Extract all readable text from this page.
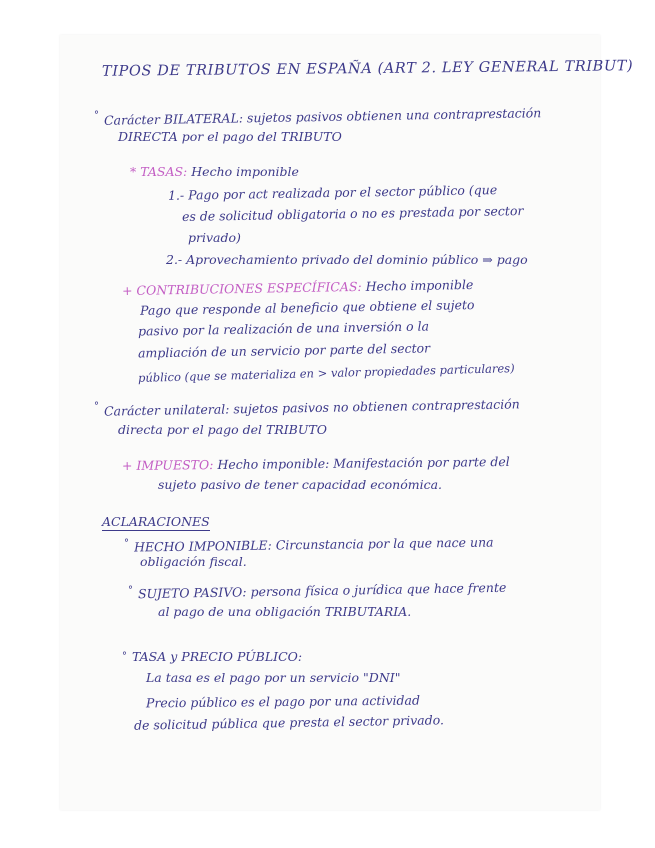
TIPOS DE TRIBUTOS EN ESPAÑA (ART 2. LEY GENERAL TRIBUT)
° Carácter BILATERAL: sujetos pasivos obtienen una contraprestación
DIRECTA por el pago del TRIBUTO
* TASAS: Hecho imponible
1.- Pago por act realizada por el sector público (que
es de solicitud obligatoria o no es prestada por sector
privado)
2.- Aprovechamiento privado del dominio público ⇒ pago
+ CONTRIBUCIONES ESPECÍFICAS: Hecho imponible
Pago que responde al beneficio que obtiene el sujeto
pasivo por la realización de una inversión o la
ampliación de un servicio por parte del sector
público (que se materializa en > valor propiedades particulares)
° Carácter unilateral: sujetos pasivos no obtienen contraprestación
directa por el pago del TRIBUTO
+ IMPUESTO: Hecho imponible: Manifestación por parte del
sujeto pasivo de tener capacidad económica.
ACLARACIONES
° HECHO IMPONIBLE: Circunstancia por la que nace una
obligación fiscal.
° SUJETO PASIVO: persona física o jurídica que hace frente
al pago de una obligación TRIBUTARIA.
° TASA y PRECIO PÚBLICO:
La tasa es el pago por un servicio "DNI"
Precio público es el pago por una actividad
de solicitud pública que presta el sector privado.
